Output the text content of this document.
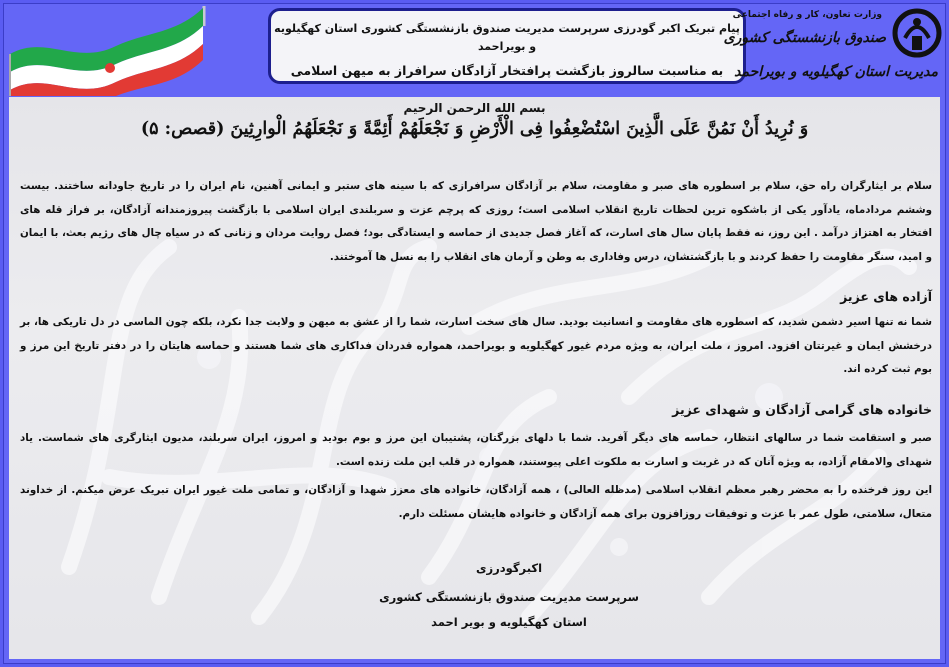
پیام تبریک اکبر گودرزی سرپرست مدیریت صندوق بازنشستگی کشوری استان کهگیلویه و بویراحمد
به مناسبت سالروز بازگشت پرافتخار آزادگان سرافراز به میهن اسلامی
وزارت تعاون، کار و رفاه اجتماعی
صندوق بازنشستگی کشوری
مدیریت استان کهگیلویه و بویراحمد
بسم الله الرحمن الرحیم
وَ نُرِیدُ أَنْ نَمُنَّ عَلَی الَّذِینَ اسْتُضْعِفُوا فِی الْأَرْضِ وَ نَجْعَلَهُمْ أَئِمَّةً وَ نَجْعَلَهُمُ الْوارِثِینَ (قصص: ۵)
سلام بر ایثارگران راه حق، سلام بر اسطوره های صبر و مقاومت، سلام بر آزادگان سرافرازی که با سینه های ستبر و ایمانی آهنین، نام ایران را در تاریخ جاودانه ساختند. بیست وششم مردادماه، یادآور یکی از باشکوه ترین لحظات تاریخ انقلاب اسلامی است؛ روزی که پرچم عزت و سربلندی ایران اسلامی با بازگشت پیروزمندانه آزادگان، بر فراز قله های افتخار به اهتزاز درآمد . این روز، نه فقط پایان سال های اسارت، که آغاز فصل جدیدی از حماسه و ایستادگی بود؛ فصل روایت مردان و زنانی که در سیاه چال های رژیم بعث، با ایمان و امید، سنگر مقاومت را حفظ کردند و با بازگشتشان، درس وفاداری به وطن و آرمان های انقلاب را به نسل ها آموختند.
آزاده های عزیز
شما نه تنها اسیر دشمن شدید، که اسطوره های مقاومت و انسانیت بودید. سال های سخت اسارت، شما را از عشق به میهن و ولایت جدا نکرد، بلکه چون الماسی در دل تاریکی ها، بر درخشش ایمان و غیرتتان افزود. امروز ، ملت ایران، به ویژه مردم غیور کهگیلویه و بویراحمد، همواره قدردان فداکاری های شما هستند و حماسه هایتان را در دفتر تاریخ این مرز و بوم ثبت کرده اند.
خانواده های گرامی آزادگان و شهدای عزیز
صبر و استقامت شما در سالهای انتظار، حماسه های دیگر آفرید. شما با دلهای بزرگتان، پشتیبان این مرز و بوم بودید و امروز، ایران سربلند، مدیون ایثارگری های شماست. یاد شهدای والامقام آزاده، به ویژه آنان که در غربت و اسارت به ملکوت اعلی پیوستند، همواره در قلب این ملت زنده است.
این روز فرخنده را به محضر رهبر معظم انقلاب اسلامی (مدظله العالی) ، همه آزادگان، خانواده های معزز شهدا و آزادگان، و تمامی ملت غیور ایران تبریک عرض میکنم. از خداوند متعال، سلامتی، طول عمر با عزت و توفیقات روزافزون برای همه آزادگان و خانواده هایشان مسئلت دارم.
اکبرگودرزی
سرپرست مدیریت صندوق بازنشستگی کشوری
استان کهگیلویه و بویر احمد
